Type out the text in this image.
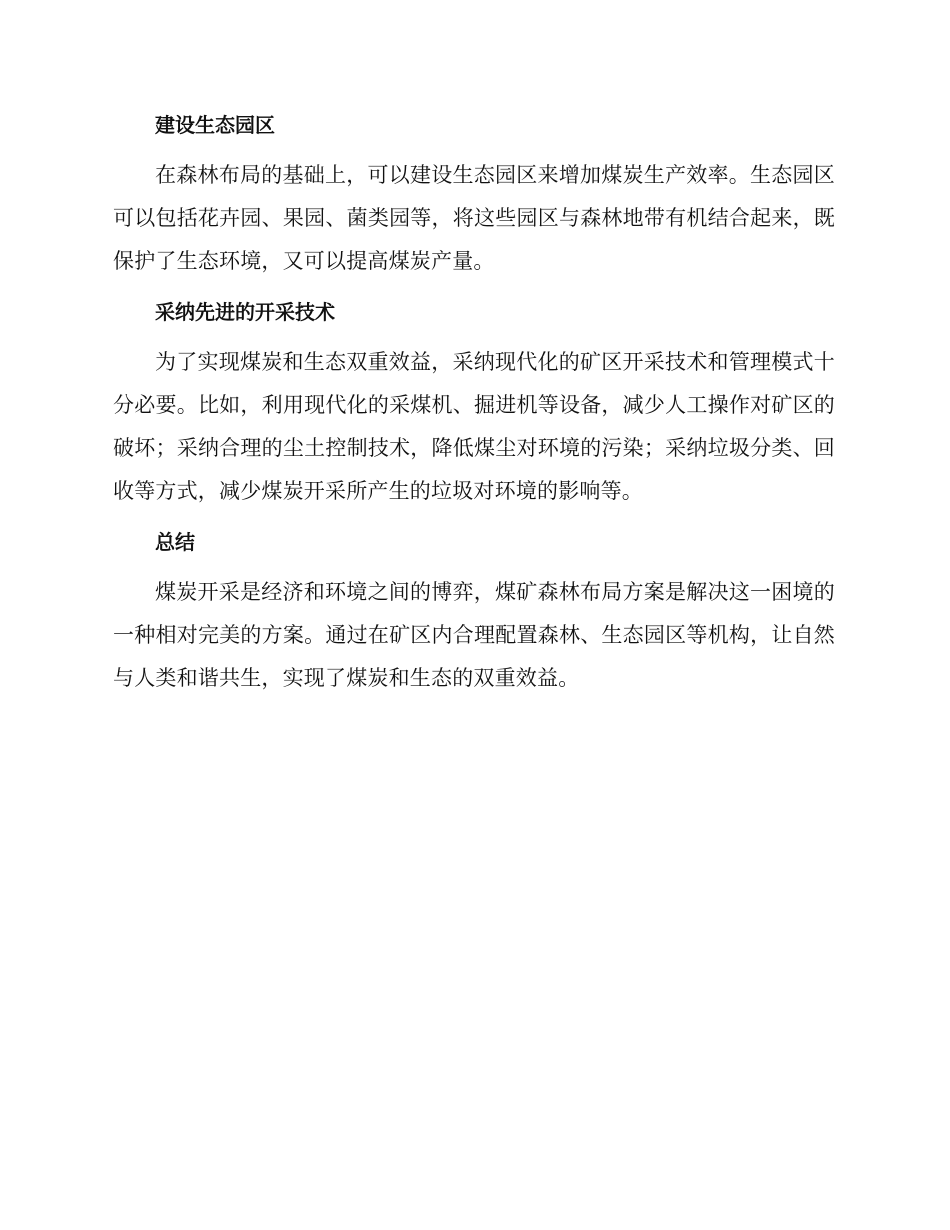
建设生态园区

在森林布局的基础上，可以建设生态园区来增加煤炭生产效率。生态园区可以包括花卉园、果园、菌类园等，将这些园区与森林地带有机结合起来，既保护了生态环境，又可以提高煤炭产量。

采纳先进的开采技术

为了实现煤炭和生态双重效益，采纳现代化的矿区开采技术和管理模式十分必要。比如，利用现代化的采煤机、掘进机等设备，减少人工操作对矿区的破坏；采纳合理的尘土控制技术，降低煤尘对环境的污染；采纳垃圾分类、回收等方式，减少煤炭开采所产生的垃圾对环境的影响等。

总结

煤炭开采是经济和环境之间的博弈，煤矿森林布局方案是解决这一困境的一种相对完美的方案。通过在矿区内合理配置森林、生态园区等机构，让自然与人类和谐共生，实现了煤炭和生态的双重效益。
